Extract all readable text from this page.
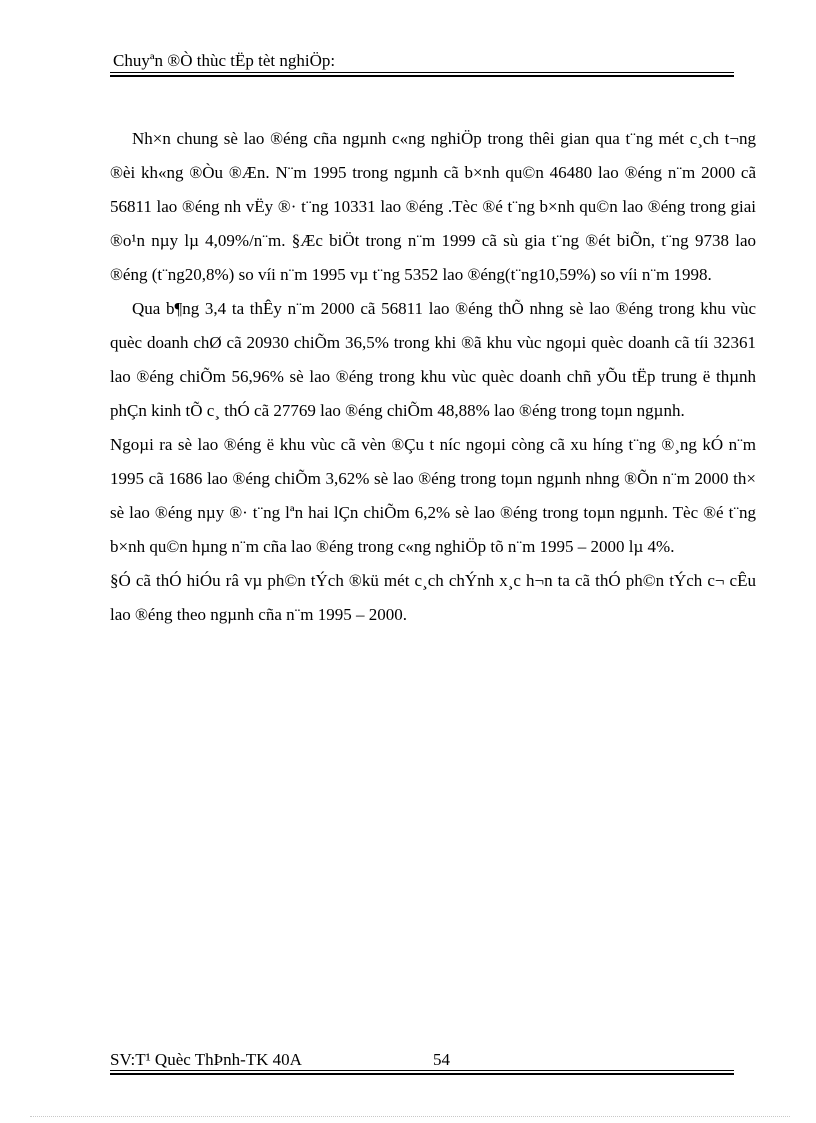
Chuyªn ®Ò thùc tËp tèt nghiÖp:

Nh×n chung sè lao ®éng cña ngµnh c«ng nghiÖp trong thêi gian qua t¨ng mét c¸ch t¬ng ®èi kh«ng ®Òu ®Æn. N¨m 1995 trong ngµnh cã b×nh qu©n 46480 lao ®éng n¨m 2000 cã 56811 lao ®éng nh vËy ®· t¨ng 10331 lao ®éng .Tèc ®é t¨ng b×nh qu©n lao ®éng trong giai ®o¹n nµy lµ 4,09%/n¨m. §Æc biÖt trong n¨m 1999 cã sù gia t¨ng ®ét biÕn, t¨ng 9738 lao ®éng (t¨ng20,8%) so víi n¨m 1995 vµ t¨ng 5352 lao ®éng(t¨ng10,59%) so víi n¨m 1998.

Qua b¶ng 3,4 ta thÊy n¨m 2000 cã 56811 lao ®éng thÕ nhng sè lao ®éng trong khu vùc quèc doanh chØ cã 20930 chiÕm 36,5% trong khi ®ã khu vùc ngoµi quèc doanh cã tíi 32361 lao ®éng chiÕm 56,96% sè lao ®éng trong khu vùc quèc doanh chñ yÕu tËp trung ë thµnh phÇn kinh tÕ c¸ thÓ cã 27769 lao ®éng chiÕm 48,88% lao ®éng trong toµn ngµnh.

Ngoµi ra sè lao ®éng ë khu vùc cã vèn ®Çu t níc ngoµi còng cã xu híng t¨ng ®¸ng kÓ n¨m 1995 cã 1686 lao ®éng chiÕm 3,62% sè lao ®éng trong toµn ngµnh nhng ®Õn n¨m 2000 th× sè lao ®éng nµy ®· t¨ng lªn hai lÇn chiÕm 6,2% sè lao ®éng trong toµn ngµnh. Tèc ®é t¨ng b×nh qu©n hµng n¨m cña lao ®éng trong c«ng nghiÖp tõ n¨m 1995 – 2000 lµ 4%.

§Ó cã thÓ hiÓu râ vµ ph©n tÝch ®kü mét c¸ch chÝnh x¸c h¬n ta cã thÓ ph©n tÝch c¬ cÊu lao ®éng theo ngµnh cña n¨m 1995 – 2000.

SV:T¹ Quèc ThÞnh-TK 40A	54
